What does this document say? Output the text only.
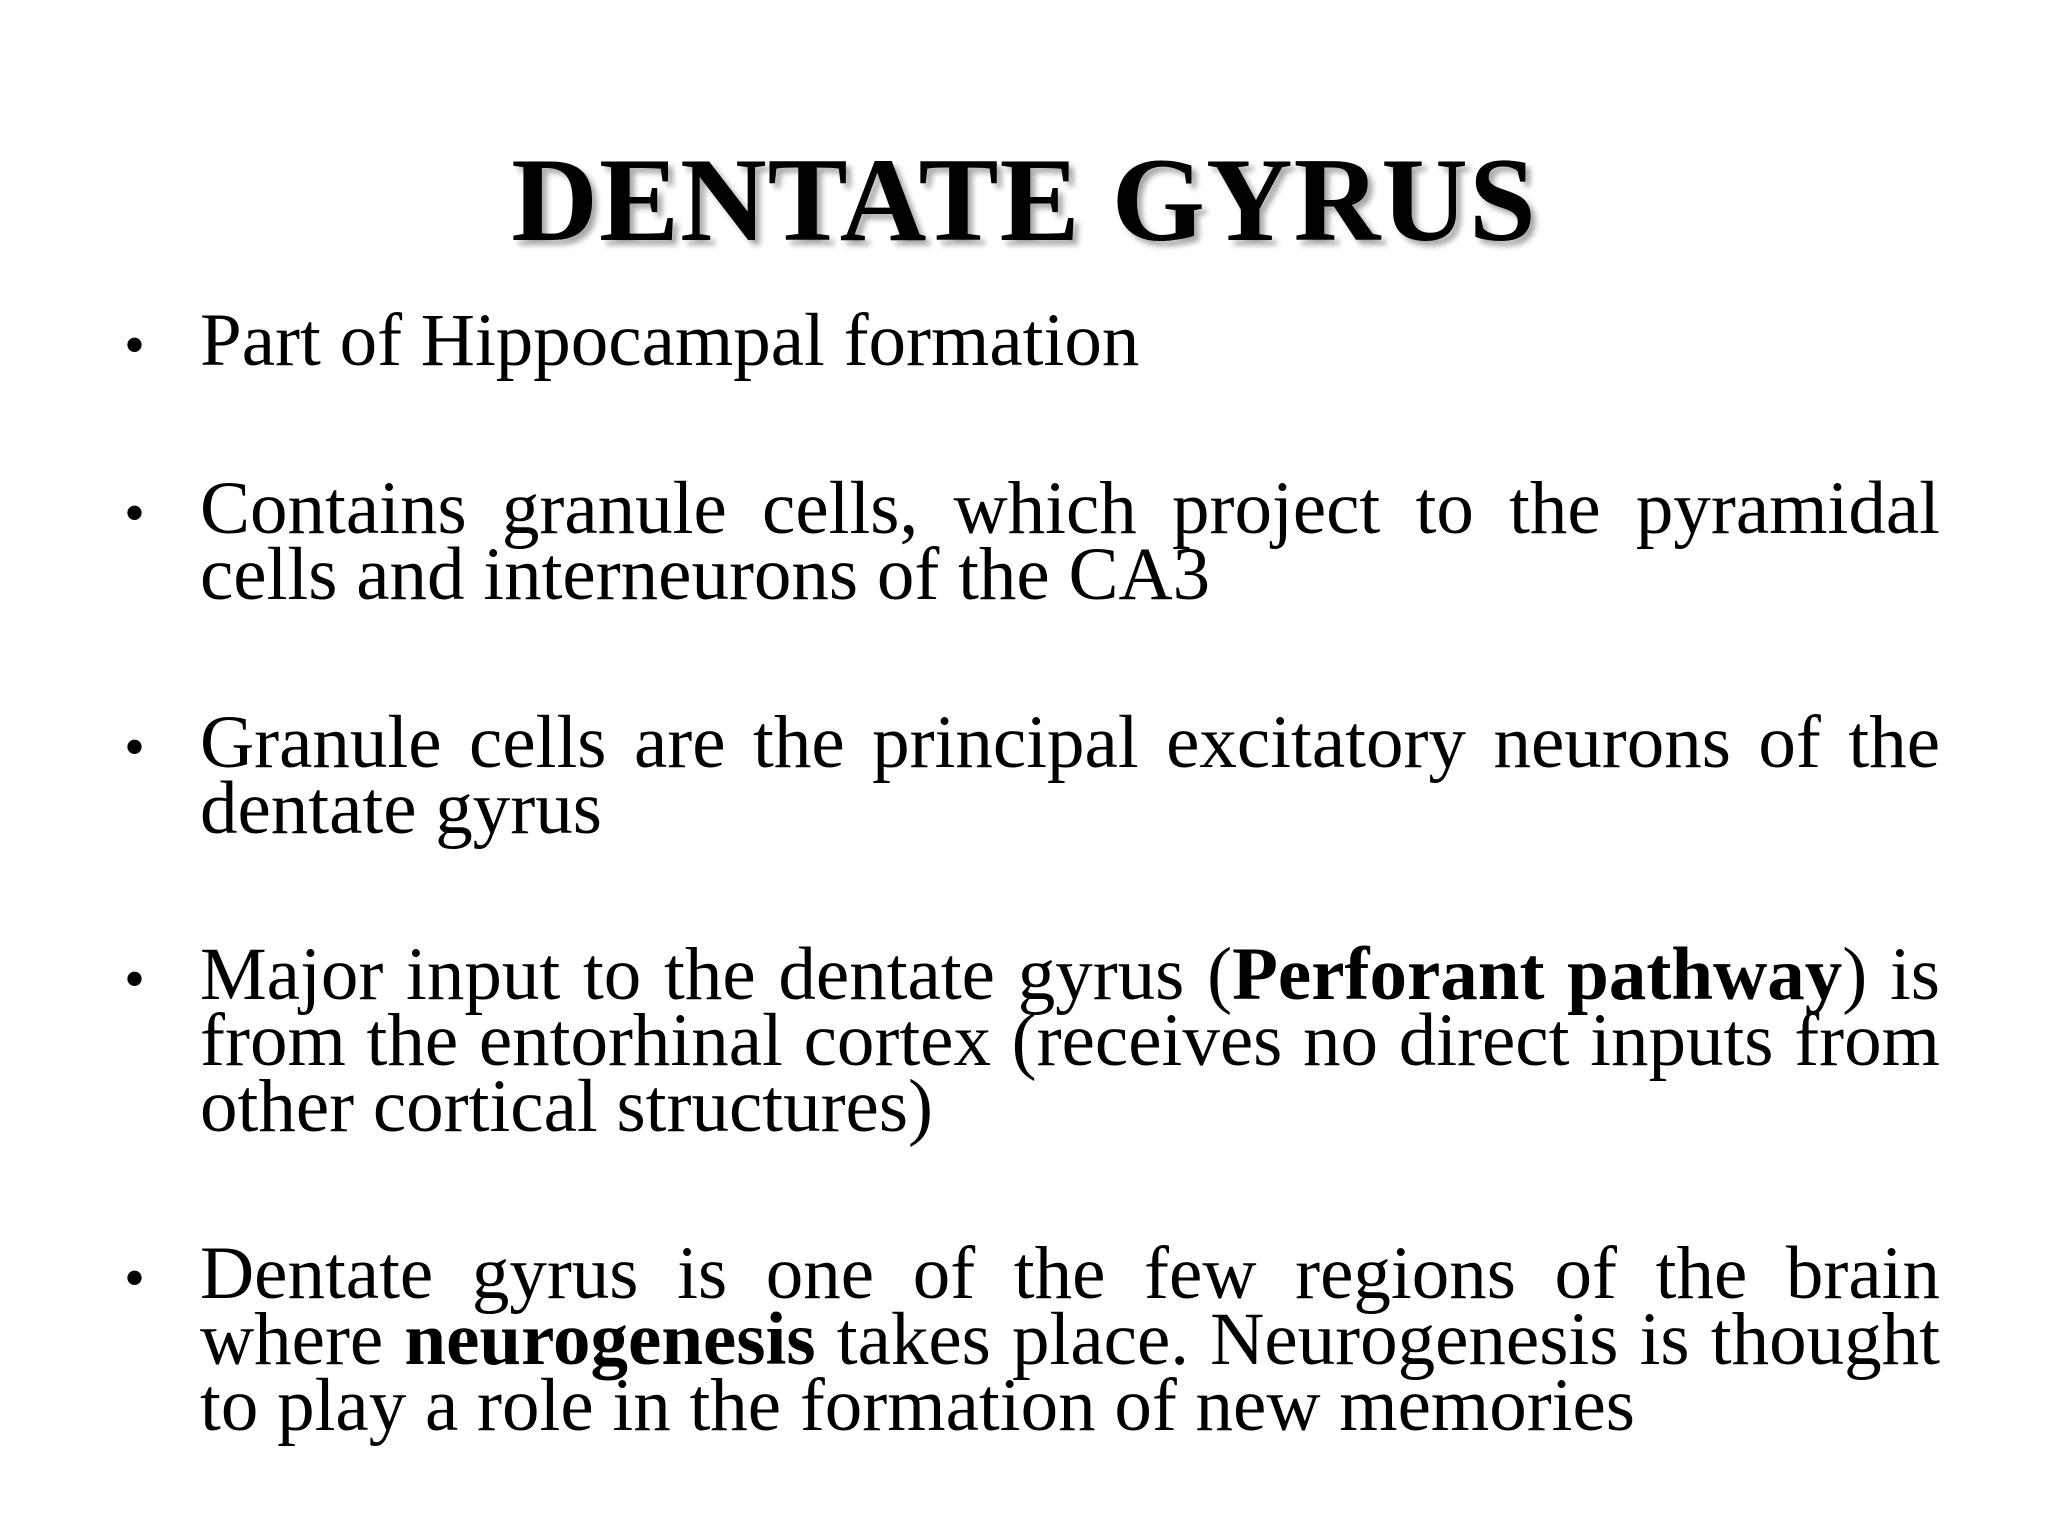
DENTATE GYRUS
• Part of Hippocampal formation
• Contains granule cells, which project to the pyramidal cells and interneurons of the CA3
• Granule cells are the principal excitatory neurons of the dentate gyrus
• Major input to the dentate gyrus (Perforant pathway) is from the entorhinal cortex (receives no direct inputs from other cortical structures)
• Dentate gyrus is one of the few regions of the brain where neurogenesis takes place. Neurogenesis is thought to play a role in the formation of new memories
